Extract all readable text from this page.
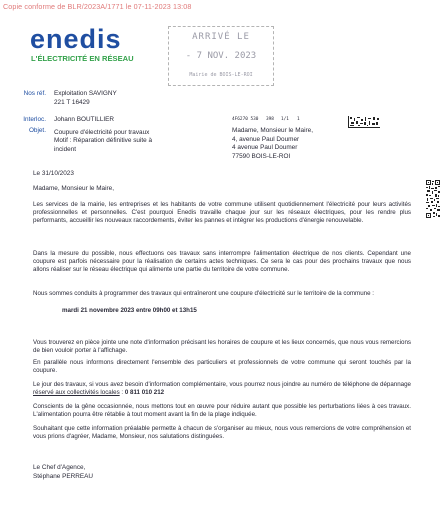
Copie conforme de BLR/2023A/1771 le 07-11-2023 13:08
enedis
L'ÉLECTRICITÉ EN RÉSEAU
ARRIVÉ LE
- 7 NOV. 2023
Mairie de BOIS-LE-ROI
Nos réf. Exploitation SAVIGNY
221 T 16429
Interloc. Johann BOUTILLIER
Objet. Coupure d'électricité pour travaux
Motif : Réparation définitive suite à
incident
4F6270 530 398 1/1 1
Madame, Monsieur le Maire,
4, avenue Paul Doumer
4 avenue Paul Doumer
77590 BOIS-LE-ROI
Le 31/10/2023
Madame, Monsieur le Maire,
Les services de la mairie, les entreprises et les habitants de votre commune utilisent quotidiennement l'électricité pour leurs activités professionnelles et personnelles. C'est pourquoi Enedis travaille chaque jour sur les réseaux électriques, pour les rendre plus performants, accueillir les nouveaux raccordements, éviter les pannes et intégrer les productions d'énergie renouvelable.
Dans la mesure du possible, nous effectuons ces travaux sans interrompre l'alimentation électrique de nos clients. Cependant une coupure est parfois nécessaire pour la réalisation de certains actes techniques. Ce sera le cas pour des prochains travaux que nous allons réaliser sur le réseau électrique qui alimente une partie du territoire de votre commune.
Nous sommes conduits à programmer des travaux qui entraîneront une coupure d'électricité sur le territoire de la commune :
mardi 21 novembre 2023 entre 09h00 et 13h15
Vous trouverez en pièce jointe une note d'information précisant les horaires de coupure et les lieux concernés, que nous vous remercions de bien vouloir porter à l'affichage.
En parallèle nous informons directement l'ensemble des particuliers et professionnels de votre commune qui seront touchés par la coupure.
Le jour des travaux, si vous avez besoin d'information complémentaire, vous pourrez nous joindre au numéro de téléphone de dépannage réservé aux collectivités locales : 0 811 010 212
Conscients de la gêne occasionnée, nous mettons tout en œuvre pour réduire autant que possible les perturbations liées à ces travaux. L'alimentation pourra être rétablie à tout moment avant la fin de la plage indiquée.
Souhaitant que cette information préalable permette à chacun de s'organiser au mieux, nous vous remercions de votre compréhension et vous prions d'agréer, Madame, Monsieur, nos salutations distinguées.
Le Chef d'Agence,
Stéphane PERREAU
